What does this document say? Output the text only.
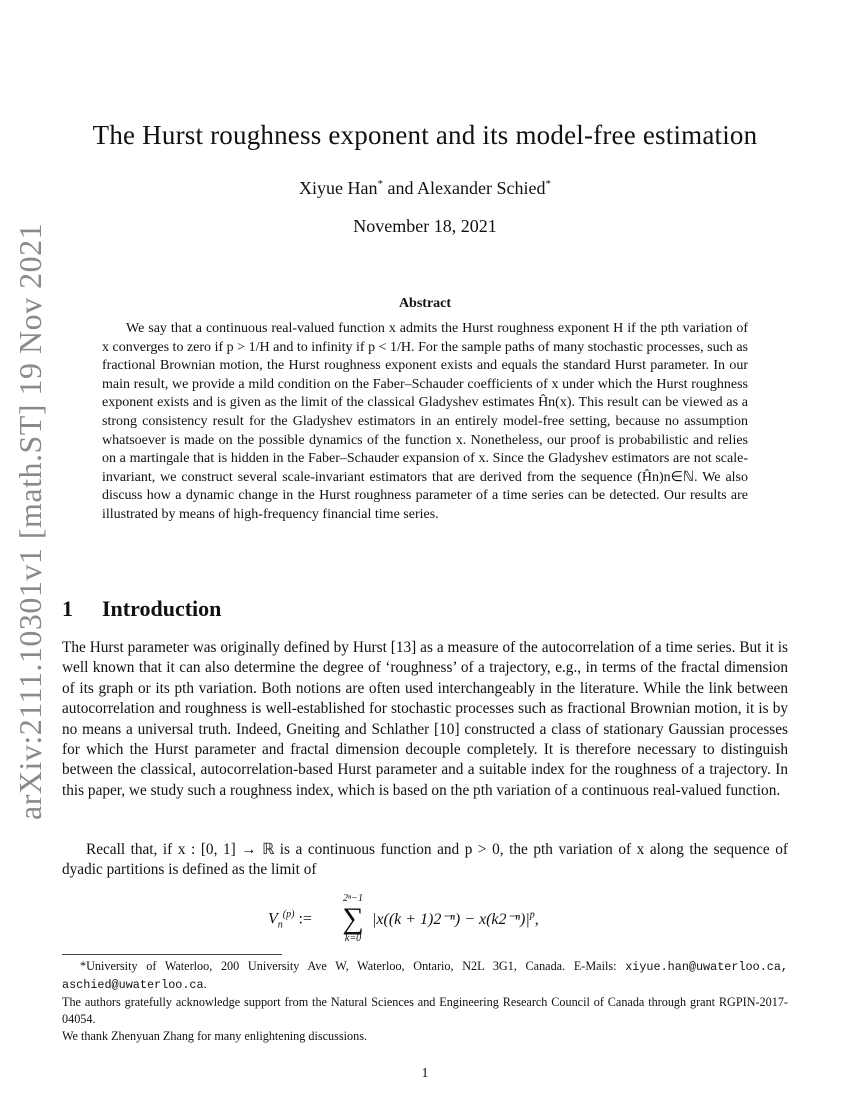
arXiv:2111.10301v1 [math.ST] 19 Nov 2021
The Hurst roughness exponent and its model-free estimation
Xiyue Han* and Alexander Schied*
November 18, 2021
Abstract

We say that a continuous real-valued function x admits the Hurst roughness exponent H if the pth variation of x converges to zero if p > 1/H and to infinity if p < 1/H. For the sample paths of many stochastic processes, such as fractional Brownian motion, the Hurst roughness exponent exists and equals the standard Hurst parameter. In our main result, we provide a mild condition on the Faber–Schauder coefficients of x under which the Hurst roughness exponent exists and is given as the limit of the classical Gladyshev estimates Ĥn(x). This result can be viewed as a strong consistency result for the Gladyshev estimators in an entirely model-free setting, because no assumption whatsoever is made on the possible dynamics of the function x. Nonetheless, our proof is probabilistic and relies on a martingale that is hidden in the Faber–Schauder expansion of x. Since the Gladyshev estimators are not scale-invariant, we construct several scale-invariant estimators that are derived from the sequence (Ĥn)n∈ℕ. We also discuss how a dynamic change in the Hurst roughness parameter of a time series can be detected. Our results are illustrated by means of high-frequency financial time series.

1 Introduction

The Hurst parameter was originally defined by Hurst [13] as a measure of the autocorrelation of a time series. But it is well known that it can also determine the degree of ‘roughness’ of a trajectory, e.g., in terms of the fractal dimension of its graph or its pth variation. Both notions are often used interchangeably in the literature. While the link between autocorrelation and roughness is well-established for stochastic processes such as fractional Brownian motion, it is by no means a universal truth. Indeed, Gneiting and Schlather [10] constructed a class of stationary Gaussian processes for which the Hurst parameter and fractal dimension decouple completely. It is therefore necessary to distinguish between the classical, autocorrelation-based Hurst parameter and a suitable index for the roughness of a trajectory. In this paper, we study such a roughness index, which is based on the pth variation of a continuous real-valued function.

Recall that, if x : [0, 1] → ℝ is a continuous function and p > 0, the pth variation of x along the sequence of dyadic partitions is defined as the limit of

$V_n^{(p)}$ :=
2ⁿ−1
∑
k=0
$|x((k + 1)2^{-n}) - x(k2^{-n})|^p$,

*University of Waterloo, 200 University Ave W, Waterloo, Ontario, N2L 3G1, Canada. E-Mails: xiyue.han@uwaterloo.ca, aschied@uwaterloo.ca.

The authors gratefully acknowledge support from the Natural Sciences and Engineering Research Council of Canada through grant RGPIN-2017-04054.

We thank Zhenyuan Zhang for many enlightening discussions.

1
